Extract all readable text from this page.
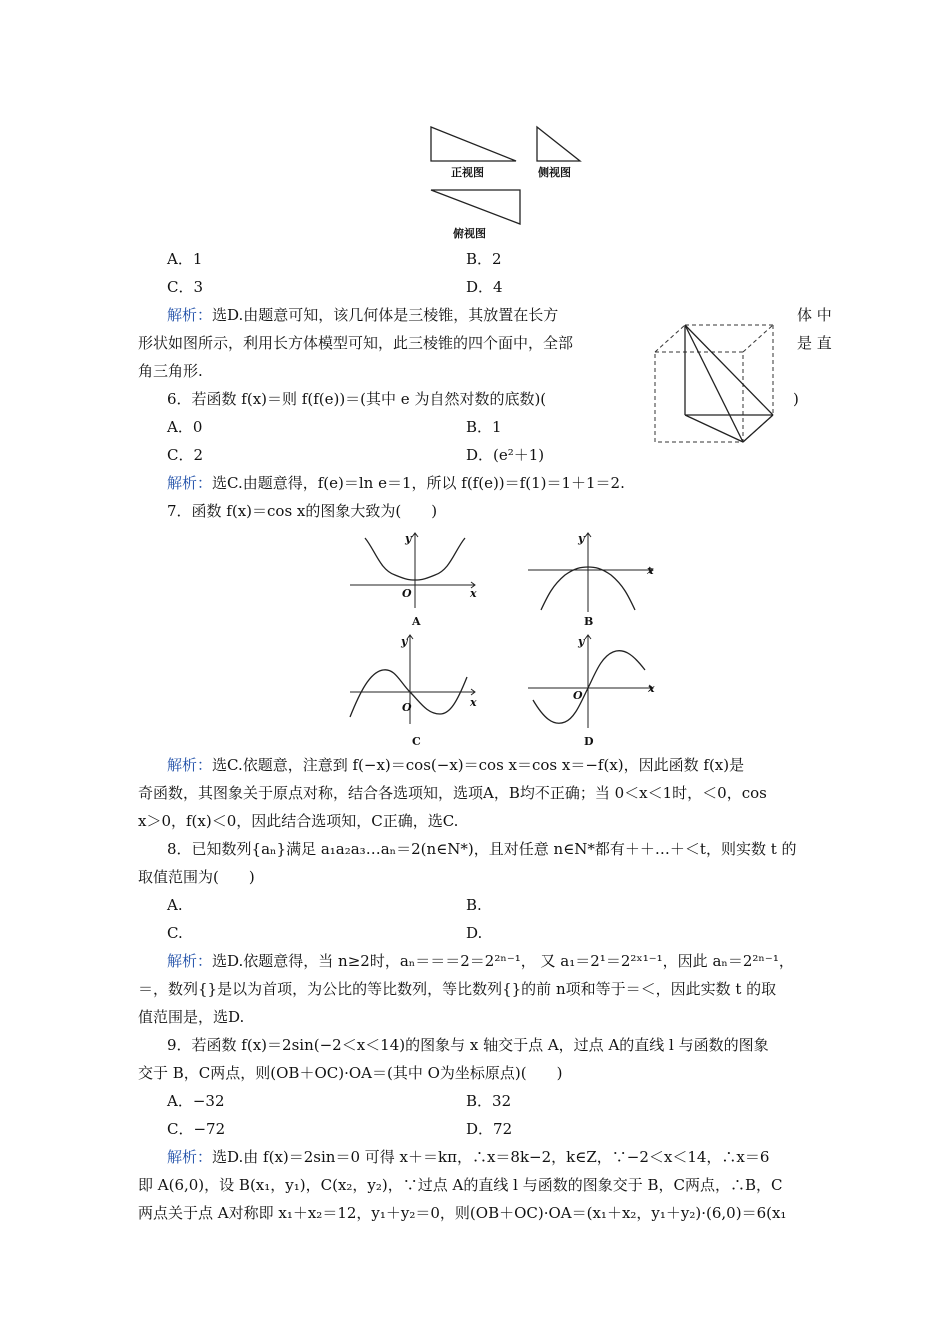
正视图	侧视图
俯视图
A．1	B．2
C．3	D．4
解析：选D.由题意可知，该几何体是三棱锥，其放置在长方	体 中
形状如图所示，利用长方体模型可知，此三棱锥的四个面中，全部	是 直
角三角形.
6．若函数 f(x)＝则 f(f(e))＝(其中 e 为自然对数的底数)(	)
A．0	B．1
C．2	D．(e²＋1)
解析：选C.由题意得，f(e)＝ln e＝1，所以 f(f(e))＝f(1)＝1＋1＝2.
7．函数 f(x)＝cos x的图象大致为(　　)
y
x
O
A
y
x
B
y
x
O
C
y
x
O
D
解析：选C.依题意，注意到 f(−x)＝cos(−x)＝cos x＝cos x＝−f(x)，因此函数 f(x)是
奇函数，其图象关于原点对称，结合各选项知，选项A，B均不正确；当 0＜x＜1时，＜0，cos
x＞0，f(x)＜0，因此结合选项知，C正确，选C.
8．已知数列{aₙ}满足 a₁a₂a₃…aₙ＝2(n∈N*)，且对任意 n∈N*都有＋＋…＋＜t，则实数 t 的
取值范围为(　　)
A.	B.
C.	D.
解析：选D.依题意得，当 n≥2时，aₙ＝＝＝2＝2²ⁿ⁻¹， 又 a₁＝2¹＝2²ˣ¹⁻¹，因此 aₙ＝2²ⁿ⁻¹，
＝，数列{}是以为首项，为公比的等比数列，等比数列{}的前 n项和等于＝＜，因此实数 t 的取
值范围是，选D.
9．若函数 f(x)＝2sin(−2＜x＜14)的图象与 x 轴交于点 A，过点 A的直线 l 与函数的图象
交于 B，C两点，则(OB＋OC)·OA＝(其中 O为坐标原点)(　　)
A．−32	B．32
C．−72	D．72
解析：选D.由 f(x)＝2sin＝0 可得 x＋＝kπ，∴x＝8k−2，k∈Z，∵−2＜x＜14，∴x＝6
即 A(6,0)，设 B(x₁，y₁)，C(x₂，y₂)，∵过点 A的直线 l 与函数的图象交于 B，C两点，∴B，C
两点关于点 A对称即 x₁＋x₂＝12，y₁＋y₂＝0，则(OB＋OC)·OA＝(x₁＋x₂，y₁＋y₂)·(6,0)＝6(x₁
